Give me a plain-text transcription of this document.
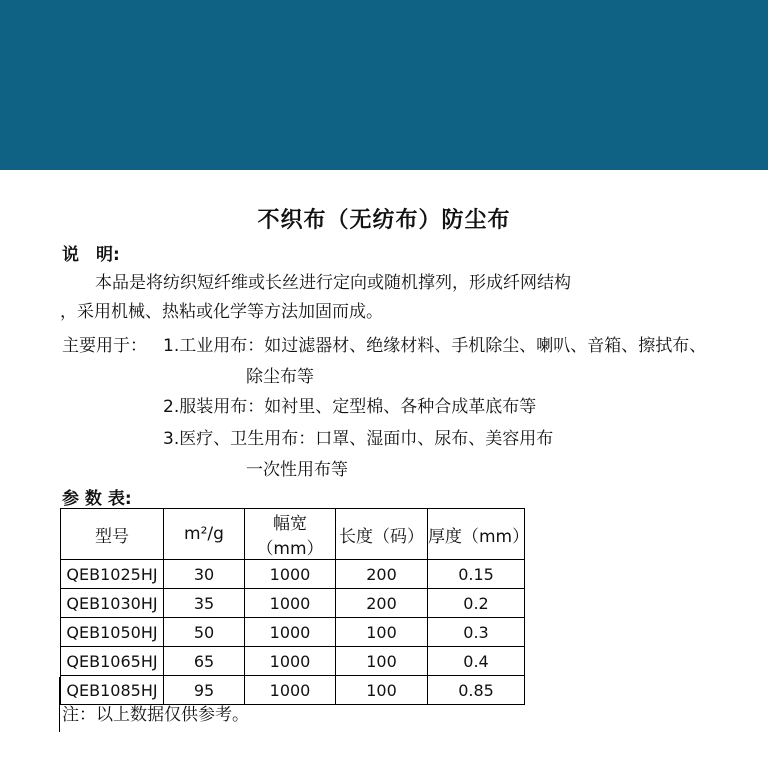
不织布（无纺布）防尘布
说　明:
本品是将纺织短纤维或长丝进行定向或随机撑列，形成纤网结构
，采用机械、热粘或化学等方法加固而成。
主要用于： 1.工业用布：如过滤器材、绝缘材料、手机除尘、喇叭、音箱、擦拭布、
除尘布等
2.服装用布：如衬里、定型棉、各种合成革底布等
3.医疗、卫生用布：口罩、湿面巾、尿布、美容用布
一次性用布等
参 数 表:
型号	m²/g	幅宽（mm）	长度（码）	厚度（mm）
QEB1025HJ	30	1000	200	0.15
QEB1030HJ	35	1000	200	0.2
QEB1050HJ	50	1000	100	0.3
QEB1065HJ	65	1000	100	0.4
QEB1085HJ	95	1000	100	0.85
注：以上数据仅供参考。
